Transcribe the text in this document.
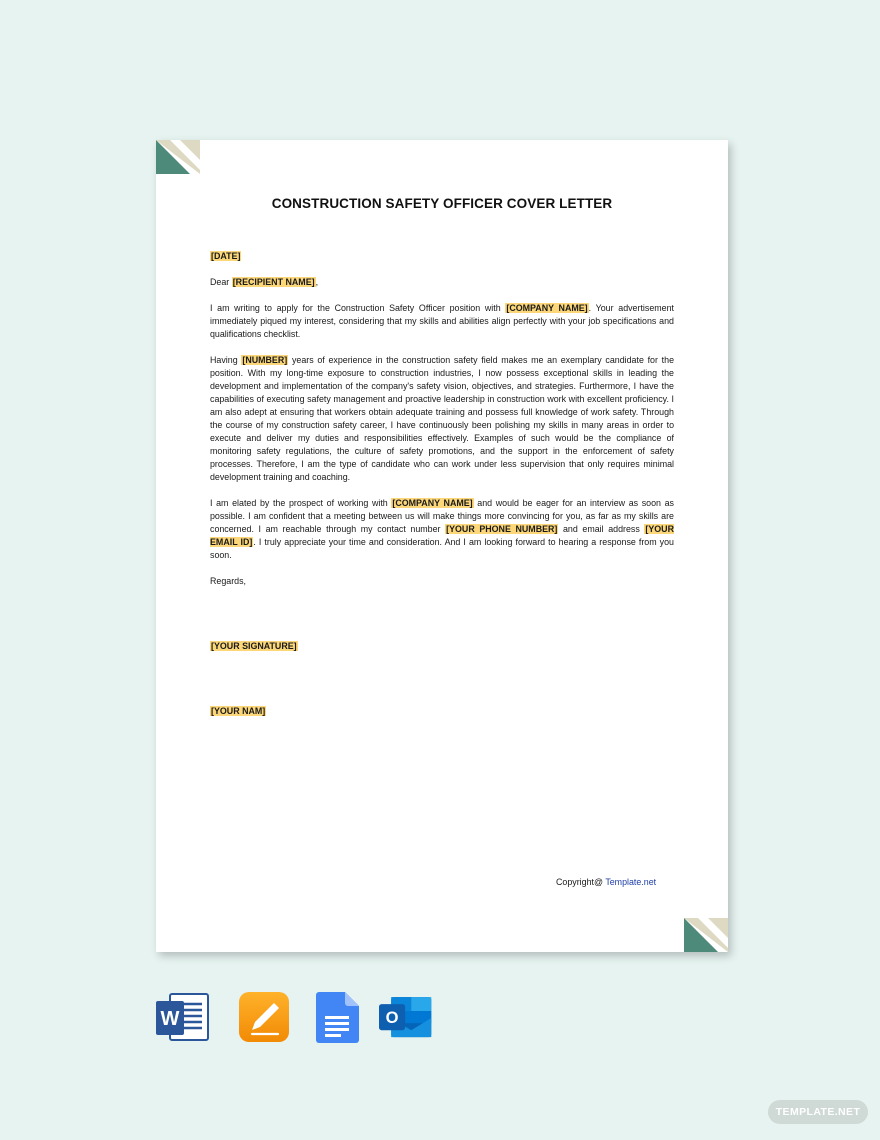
CONSTRUCTION SAFETY OFFICER COVER LETTER

[DATE]

Dear [RECIPIENT NAME],

I am writing to apply for the Construction Safety Officer position with [COMPANY NAME]. Your advertisement immediately piqued my interest, considering that my skills and abilities align perfectly with your job specifications and qualifications checklist.

Having [NUMBER] years of experience in the construction safety field makes me an exemplary candidate for the position. With my long-time exposure to construction industries, I now possess exceptional skills in leading the development and implementation of the company's safety vision, objectives, and strategies. Furthermore, I have the capabilities of executing safety management and proactive leadership in construction work with excellent proficiency. I am also adept at ensuring that workers obtain adequate training and possess full knowledge of work safety. Through the course of my construction safety career, I have continuously been polishing my skills in many areas in order to execute and deliver my duties and responsibilities effectively. Examples of such would be the compliance of monitoring safety regulations, the culture of safety promotions, and the support in the enforcement of safety processes. Therefore, I am the type of candidate who can work under less supervision that only requires minimal development training and coaching.

I am elated by the prospect of working with [COMPANY NAME] and would be eager for an interview as soon as possible. I am confident that a meeting between us will make things more convincing for you, as far as my skills are concerned. I am reachable through my contact number [YOUR PHONE NUMBER] and email address [YOUR EMAIL ID]. I truly appreciate your time and consideration. And I am looking forward to hearing a response from you soon.

Regards,

[YOUR SIGNATURE]

[YOUR NAM]

Copyright@ Template.net
W	O
TEMPLATE.NET
